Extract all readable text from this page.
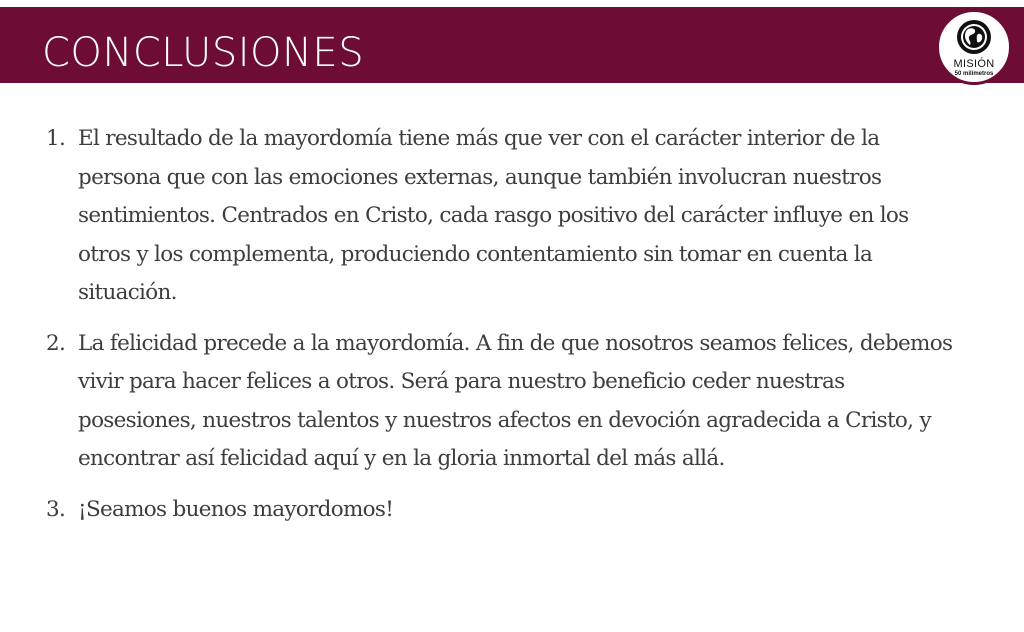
CONCLUSIONES	MISIÓN
50 milímetros
1. El resultado de la mayordomía tiene más que ver con el carácter interior de la persona que con las emociones externas, aunque también involucran nuestros sentimientos. Centrados en Cristo, cada rasgo positivo del carácter influye en los otros y los complementa, produciendo contentamiento sin tomar en cuenta la situación.
2. La felicidad precede a la mayordomía. A fin de que nosotros seamos felices, debemos vivir para hacer felices a otros. Será para nuestro beneficio ceder nuestras posesiones, nuestros talentos y nuestros afectos en devoción agradecida a Cristo, y encontrar así felicidad aquí y en la gloria inmortal del más allá.
3. ¡Seamos buenos mayordomos!
